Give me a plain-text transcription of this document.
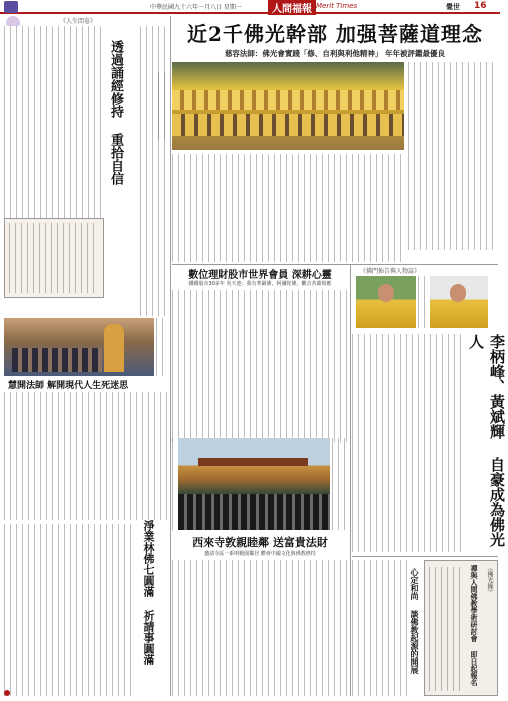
中華民國九十六年一月八日 星期一	人間福報 Merit Times	覺世 16
《人生問卷》
透過誦經修持 重拾自信
慧開法師 解開現代人生死迷思
淨業林佛七圓滿 祈請事圓滿
近2千佛光幹部 加强菩薩道理念
慈容法師：佛光會實踐「修、自利與利他精神」 年年被評鑑最優良
數位理財股市世界會員 深耕心靈
鐵橋股市30多年 吳天池：我有華嚴佛，阿彌陀佛，觀音菩薩相應
西來寺敦親睦鄰 送富貴法財
邀請寺區一系明範園鄰居 體會中國文化與佛教修持
《佛門佈告與人物誌》
李柄峰、黃斌輝 自豪成為佛光人
心定和尚 談佛教起源的開展	《佛光緣》
禪與人間佛教學術研討會 即日起報名
